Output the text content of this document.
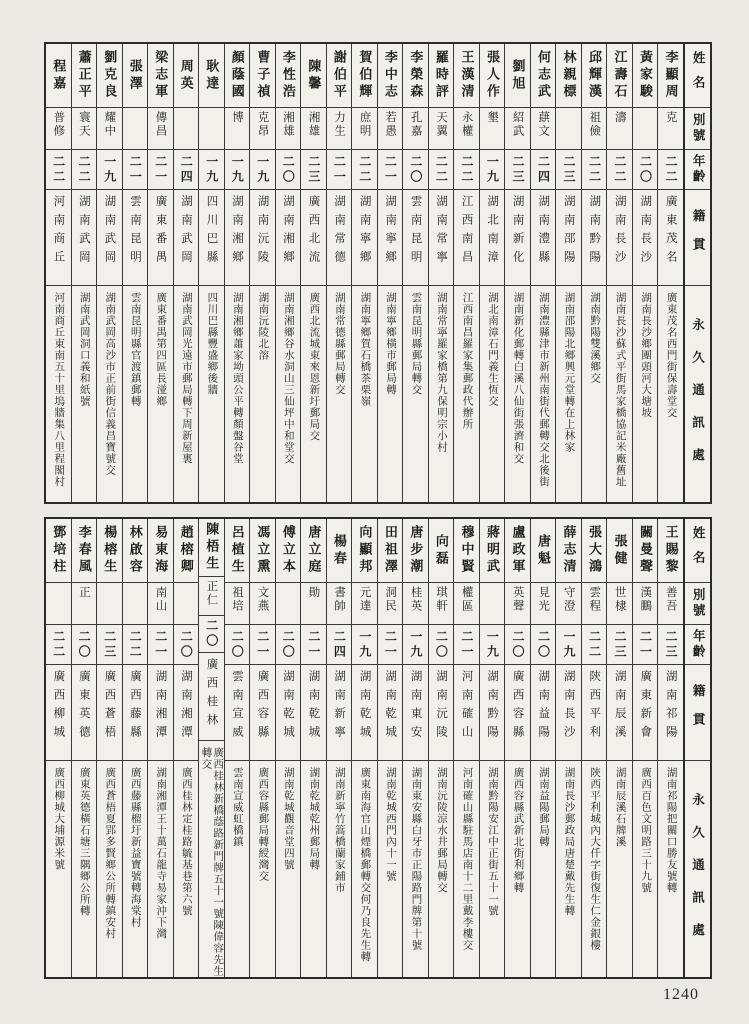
姓名
別號
年齡
籍貫
永久通訊處
李顯周
克
二二
廣東茂名
廣東茂名西門街保壽堂交
黃家駿
二〇
湖南長沙
湖南長沙鄉團頭河大塘坡
江壽石
濤
二二
湖南長沙
湖南長沙蘇式平街馬家橋協記米廠舊址
邱輝漢
祖儉
二二
湖南黔陽
湖南黔陽雙溪鄉交
林親標
二三
湖南邵陽
湖南邵陽北鄉興元堂轉在上林家
何志武
蕻文
二四
湖南澧縣
湖南澧縣津市新州南街代郵轉交北後街
劉旭
紹武
二三
湖南新化
湖南新化郵轉白溪八仙街張濟和交
張人作
墾
一九
湖北南漳
湖北南漳石門義生恆交
王漢清
永權
二二
江西南昌
江西南昌羅家集郵政代辦所
羅時評
天翼
二二
湖南常寧
湖南常寧羅家橋第九保明宗小村
李榮森
孔嘉
二〇
雲南昆明
雲南昆明縣郵局轉交
李中志
若愚
二一
湖南寧鄉
湖南寧鄉橫市郵局轉
賀伯輝
庶明
二二
湖南寧鄉
湖南寧鄉賀石橋茶栗嶺
謝伯平
力生
二一
湖南常德
湖南常德縣郵局轉交
陳馨
湘雄
二三
廣西北流
廣西北流城東來恩新圩郵局交
李性浩
湘雄
二〇
湖南湘鄉
湖南湘鄉谷水洞山三仙坪中和堂交
曹子禎
克昂
一九
湖南沅陵
湖南沅陵北溶
顏蔭國
博
一九
湖南湘鄉
湖南湘鄉蕭家坳頭公平轉顏盤谷堂
耿達
一九
四川巴縣
四川巴縣豐盛鄉後牆
周英
二四
湖南武岡
湖南武岡光遠市郵局轉下周新屋裏
梁志軍
傳昌
二一
廣東番禺
廣東番禺第四區長湴鄉
張澤
二一
雲南昆明
雲南昆明縣官渡鎮郵轉
劉克良
耀中
一九
湖南武岡
湖南武岡高沙市正前街信義昌寶號交
蕭正平
寰天
二二
湖南武岡
湖南武岡洞口義和紙號
程嘉
普修
二二
河南商丘
河南商丘東南五十里塢牆集八里程閣村
姓名
別號
年齡
籍貫
永久通訊處
王賜黎
善吾
二三
湖南祁陽
湖南祁陽把關口勝友號轉
關曼聲
漢鵬
二一
廣東新會
廣西百色文明路三十九號
張健
世棣
二三
湖南辰溪
湖南辰溪石牌溪
張大鴻
雲程
二二
陝西平利
陝西平利城內大仟字街復生仁金銀樓
薛志清
守澄
一九
湖南長沙
湖南長沙郵政局唐楚戴先生轉
唐魁
見光
二〇
湖南益陽
湖南益陽郵局轉
盧政軍
英聲
二〇
廣西容縣
廣西容縣武新北街利鄉轉
蔣明武
一九
湖南黔陽
湖南黔陽安江中正街五十一號
穆中賢
權區
二一
河南確山
河南確山縣駐馬店南十二里戴李樓交
向磊
琪軒
二〇
湖南沅陵
湖南沅陵涼水井郵局轉交
唐步潮
桂英
一九
湖南東安
湖南東安縣白牙市正陽路門牌第十號
田祖澤
洞民
二一
湖南乾城
湖南乾城西門內十一號
向顯邦
元達
一九
湖南乾城
廣東南海官山煙橋郵轉交何乃良先生轉
楊春
書帥
二四
湖南新寧
湖南新寧竹篙橋蘭家鋪市
唐立庭
勛
二一
湖南乾城
湖南乾城乾州郵局轉
傅立本
二〇
湖南乾城
湖南乾城觀音堂四號
馮立熏
文燕
二一
廣西容縣
廣西容縣郵局轉綬灣交
呂植生
祖培
二〇
雲南宣威
雲南宣威虹橋鎮
陳梧生
正仁
二〇
廣西桂林
廣西桂林新橋蔭路新門牌五十一號陳偉容先生轉交
趙榕卿
二〇
湖南湘潭
廣西桂林定桂路毓基巷第六號
易東海
南山
二一
湖南湘潭
湖南湘潭王十萬石龍寺易家沖下灣
林啟容
二二
廣西藤縣
廣西藤縣榴圩新益寶號轉海棠村
楊榕生
二三
廣西蒼梧
廣西蒼梧夏郢多賢鄉公所轉鎮安村
李春風
正
二〇
廣東英德
廣東英德橫石塘三隅鄉公所轉
鄧培柱
二二
廣西柳城
廣西柳城大埔源米號
1240
